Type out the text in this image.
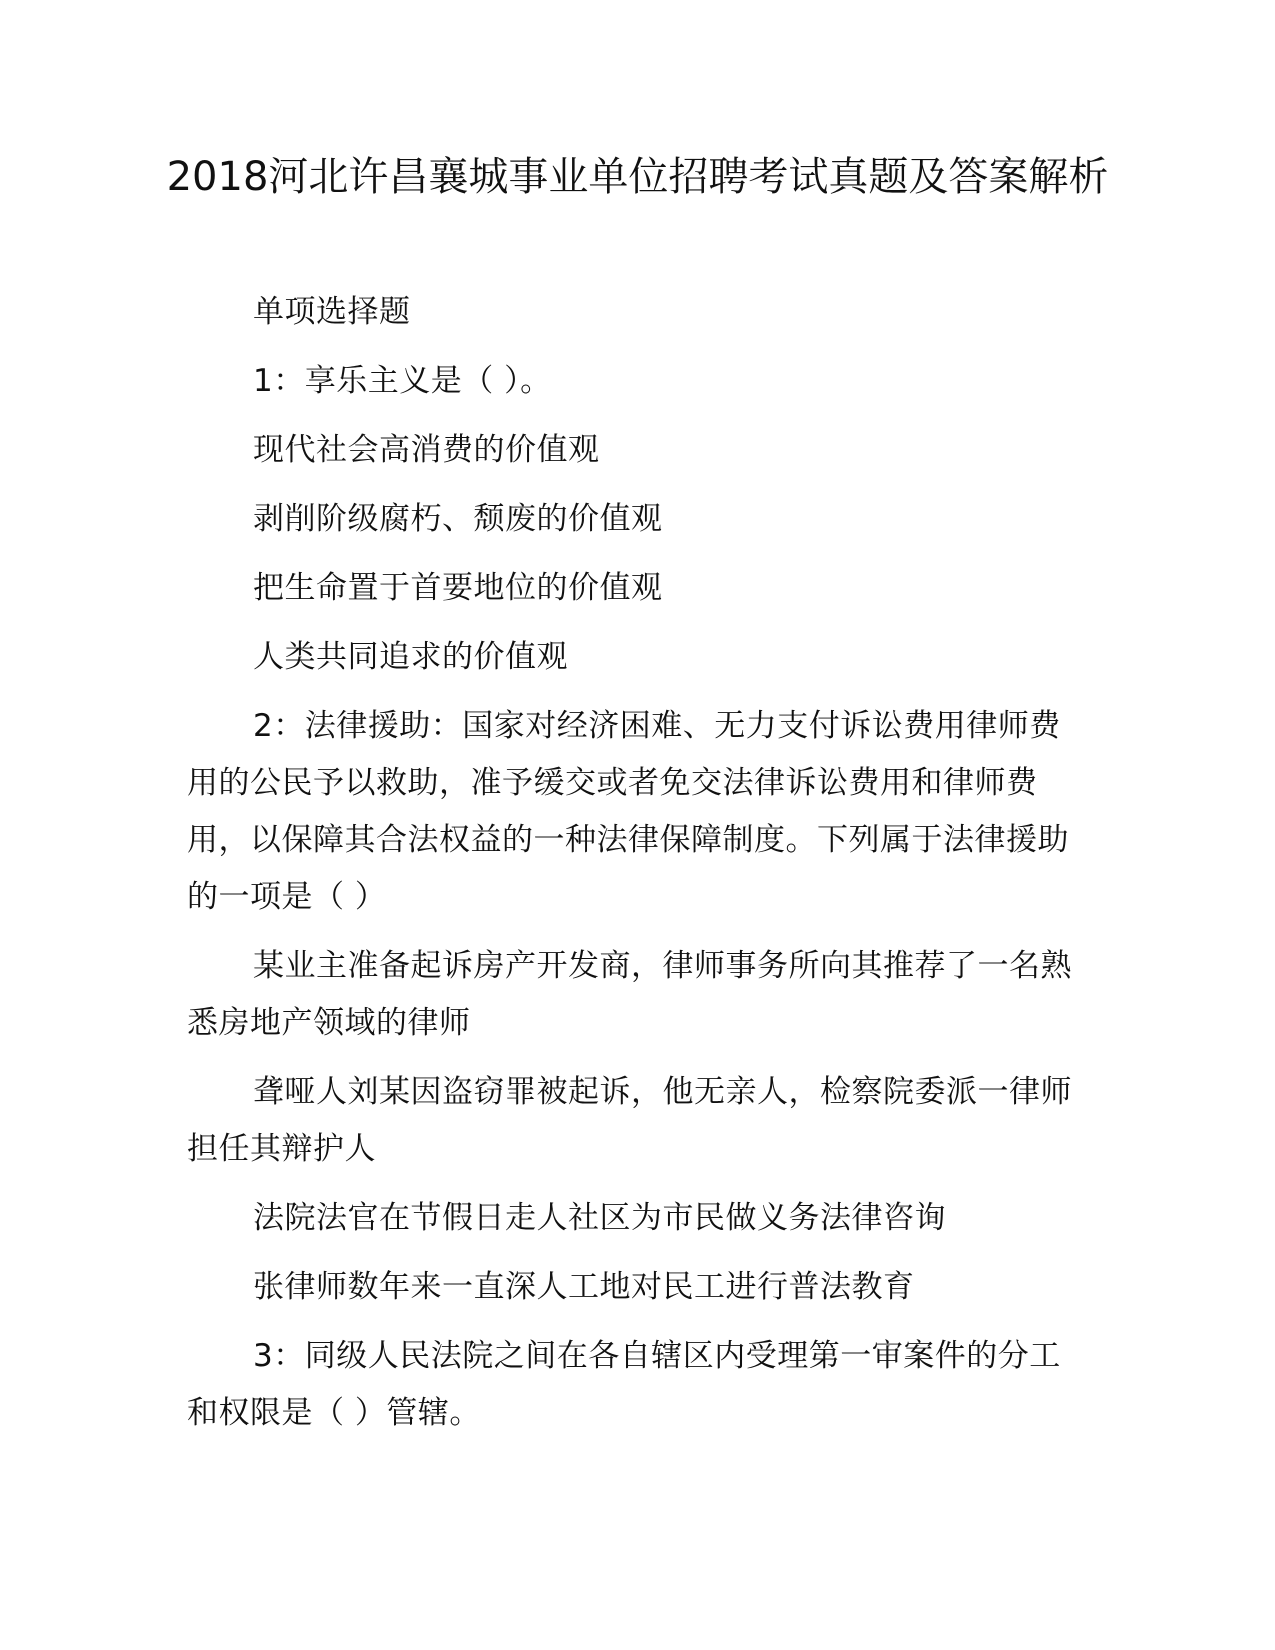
2018河北许昌襄城事业单位招聘考试真题及答案解析

单项选择题

1：享乐主义是（ ）。

现代社会高消费的价值观

剥削阶级腐朽、颓废的价值观

把生命置于首要地位的价值观

人类共同追求的价值观

2：法律援助：国家对经济困难、无力支付诉讼费用律师费用的公民予以救助，准予缓交或者免交法律诉讼费用和律师费用，以保障其合法权益的一种法律保障制度。下列属于法律援助的一项是（ ）

某业主准备起诉房产开发商，律师事务所向其推荐了一名熟悉房地产领域的律师

聋哑人刘某因盗窃罪被起诉，他无亲人，检察院委派一律师担任其辩护人

法院法官在节假日走人社区为市民做义务法律咨询

张律师数年来一直深人工地对民工进行普法教育

3：同级人民法院之间在各自辖区内受理第一审案件的分工和权限是（ ）管辖。
